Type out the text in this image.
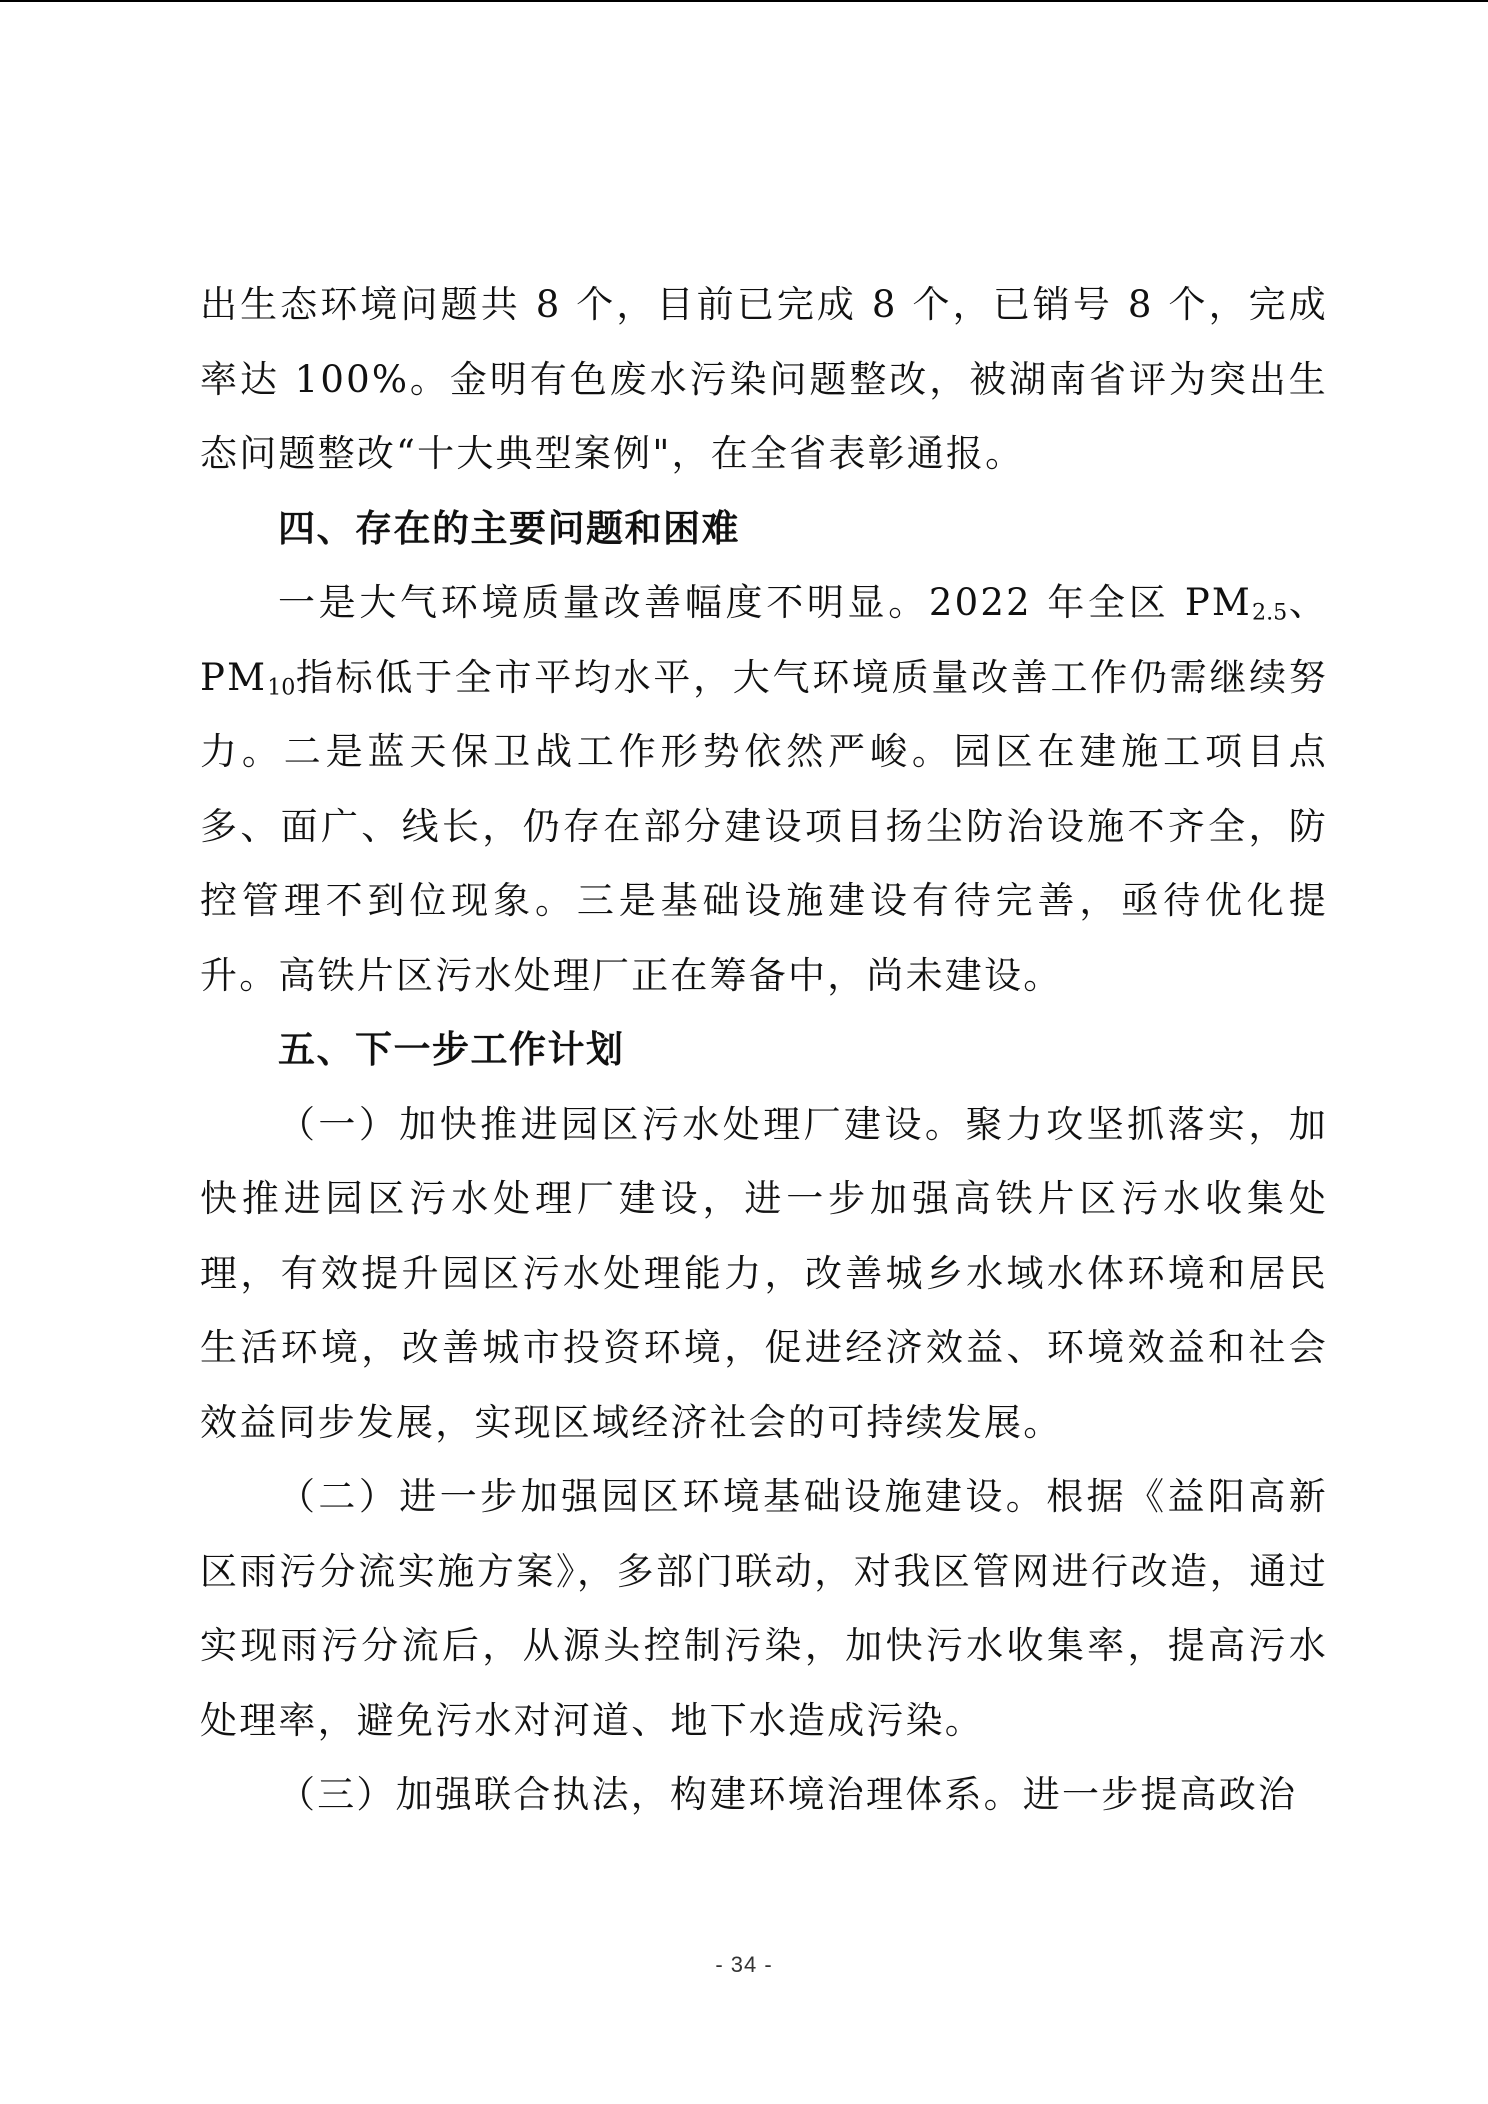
出生态环境问题共 8 个，目前已完成 8 个，已销号 8 个，完成率达 100%。金明有色废水污染问题整改，被湖南省评为突出生态问题整改“十大典型案例"，在全省表彰通报。

四、存在的主要问题和困难

一是大气环境质量改善幅度不明显。2022 年全区 $PM_{2.5}$、$PM_{10}$指标低于全市平均水平，大气环境质量改善工作仍需继续努力。二是蓝天保卫战工作形势依然严峻。园区在建施工项目点多、面广、线长，仍存在部分建设项目扬尘防治设施不齐全，防控管理不到位现象。三是基础设施建设有待完善，亟待优化提升。高铁片区污水处理厂正在筹备中，尚未建设。

五、下一步工作计划

（一）加快推进园区污水处理厂建设。聚力攻坚抓落实，加快推进园区污水处理厂建设，进一步加强高铁片区污水收集处理，有效提升园区污水处理能力，改善城乡水域水体环境和居民生活环境，改善城市投资环境，促进经济效益、环境效益和社会效益同步发展，实现区域经济社会的可持续发展。

（二）进一步加强园区环境基础设施建设。根据《益阳高新区雨污分流实施方案》，多部门联动，对我区管网进行改造，通过实现雨污分流后，从源头控制污染，加快污水收集率，提高污水处理率，避免污水对河道、地下水造成污染。

（三）加强联合执法，构建环境治理体系。进一步提高政治

- 34 -
